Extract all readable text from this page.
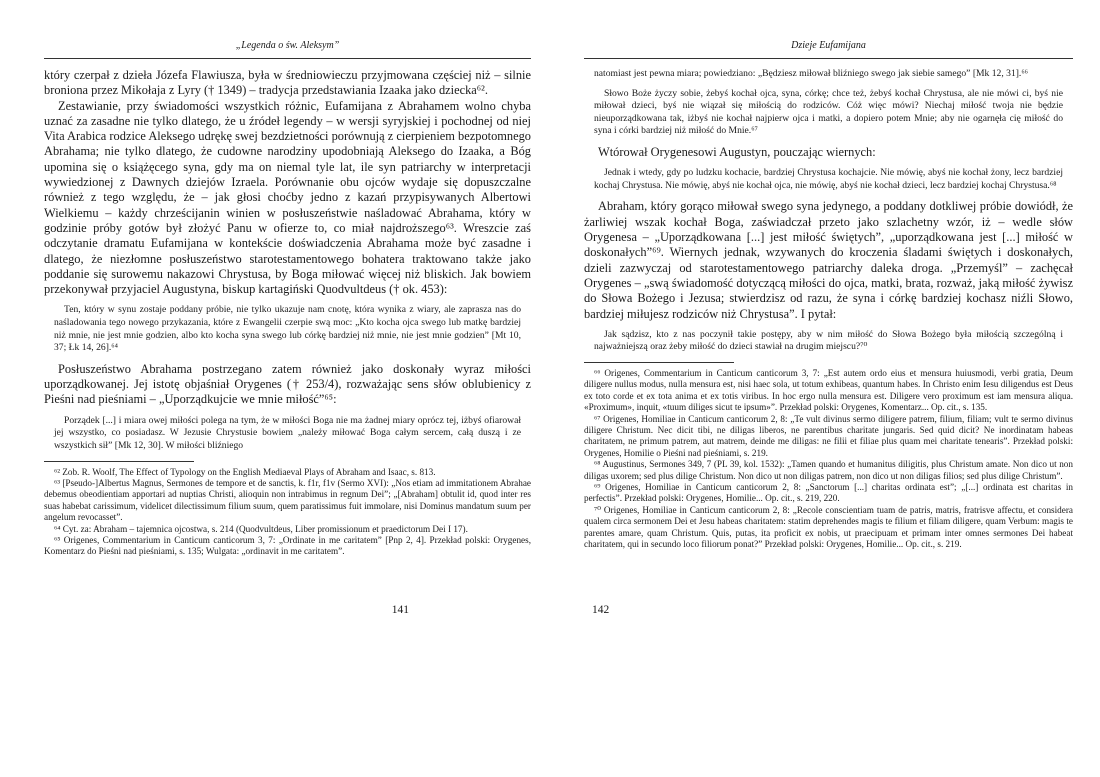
„Legenda o św. Aleksym”

który czerpał z dzieła Józefa Flawiusza, była w średniowieczu przyjmowana częściej niż – silnie broniona przez Mikołaja z Lyry († 1349) – tradycja przedstawiania Izaaka jako dziecka⁶².

Zestawianie, przy świadomości wszystkich różnic, Eufamijana z Abrahamem wolno chyba uznać za zasadne nie tylko dlatego, że u źródeł legendy – w wersji syryjskiej i pochodnej od niej Vita Arabica rodzice Aleksego udrękę swej bezdzietności porównują z cierpieniem bezpotomnego Abrahama; nie tylko dlatego, że cudowne narodziny upodobniają Aleksego do Izaaka, a Bóg upomina się o książęcego syna, gdy ma on niemal tyle lat, ile syn patriarchy w interpretacji wywiedzionej z Dawnych dziejów Izraela. Porównanie obu ojców wydaje się dopuszczalne również z tego względu, że – jak głosi choćby jedno z kazań przypisywanych Albertowi Wielkiemu – każdy chrześcijanin winien w posłuszeństwie naśladować Abrahama, który w godzinie próby gotów był złożyć Panu w ofierze to, co miał najdroższego⁶³. Wreszcie zaś odczytanie dramatu Eufamijana w kontekście doświadczenia Abrahama może być zasadne i dlatego, że niezłomne posłuszeństwo starotestamentowego bohatera traktowano także jako poddanie się surowemu nakazowi Chrystusa, by Boga miłować więcej niż bliskich. Jak bowiem przekonywał przyjaciel Augustyna, biskup kartagiński Quodvultdeus († ok. 453):

Ten, który w synu zostaje poddany próbie, nie tylko ukazuje nam cnotę, która wynika z wiary, ale zaprasza nas do naśladowania tego nowego przykazania, które z Ewangelii czerpie swą moc: „Kto kocha ojca swego lub matkę bardziej niż mnie, nie jest mnie godzien, albo kto kocha syna swego lub córkę bardziej niż mnie, nie jest mnie godzien” [Mt 10, 37; Łk 14, 26].⁶⁴

Posłuszeństwo Abrahama postrzegano zatem również jako doskonały wyraz miłości uporządkowanej. Jej istotę objaśniał Orygenes († 253/4), rozważając sens słów oblubienicy z Pieśni nad pieśniami – „Uporządkujcie we mnie miłość”⁶⁵:

Porządek [...] i miara owej miłości polega na tym, że w miłości Boga nie ma żadnej miary oprócz tej, iżbyś ofiarował jej wszystko, co posiadasz. W Jezusie Chrystusie bowiem „należy miłować Boga całym sercem, całą duszą i ze wszystkich sił” [Mk 12, 30]. W miłości bliźniego

⁶² Zob. R. Woolf, The Effect of Typology on the English Mediaeval Plays of Abraham and Isaac, s. 813.

⁶³ [Pseudo-]Albertus Magnus, Sermones de tempore et de sanctis, k. f1r, f1v (Sermo XVI): „Nos etiam ad immitationem Abrahae debemus obeodientiam apportari ad nuptias Christi, alioquin non intrabimus in regnum Dei”; „[Abraham] obtulit id, quod inter res suas habebat carissimum, videlicet dilectissimum filium suum, quem paratissimus fuit immolare, nisi Dominus mandatum suum per angelum revocasset”.

⁶⁴ Cyt. za: Abraham – tajemnica ojcostwa, s. 214 (Quodvultdeus, Liber promissionum et praedictorum Dei I 17).

⁶⁵ Origenes, Commentarium in Canticum canticorum 3, 7: „Ordinate in me caritatem” [Pnp 2, 4]. Przekład polski: Orygenes, Komentarz do Pieśni nad pieśniami, s. 135; Wulgata: „ordinavit in me caritatem”.

141
Dzieje Eufamijana

natomiast jest pewna miara; powiedziano: „Będziesz miłował bliźniego swego jak siebie samego” [Mk 12, 31].⁶⁶

Słowo Boże życzy sobie, żebyś kochał ojca, syna, córkę; chce też, żebyś kochał Chrystusa, ale nie mówi ci, byś nie miłował dzieci, byś nie wiązał się miłością do rodziców. Cóż więc mówi? Niechaj miłość twoja nie będzie nieuporządkowana tak, iżbyś nie kochał najpierw ojca i matki, a dopiero potem Mnie; aby nie ogarnęła cię miłość do syna i córki bardziej niż miłość do Mnie.⁶⁷

Wtórował Orygenesowi Augustyn, pouczając wiernych:

Jednak i wtedy, gdy po ludzku kochacie, bardziej Chrystusa kochajcie. Nie mówię, abyś nie kochał żony, lecz bardziej kochaj Chrystusa. Nie mówię, abyś nie kochał ojca, nie mówię, abyś nie kochał dzieci, lecz bardziej kochaj Chrystusa.⁶⁸

Abraham, który gorąco miłował swego syna jedynego, a poddany dotkliwej próbie dowiódł, że żarliwiej wszak kochał Boga, zaświadczał przeto jako szlachetny wzór, iż – wedle słów Orygenesa – „Uporządkowana [...] jest miłość świętych”, „uporządkowana jest [...] miłość w doskonałych”⁶⁹. Wiernych jednak, wzywanych do kroczenia śladami świętych i doskonałych, dzieli zazwyczaj od starotestamentowego patriarchy daleka droga. „Przemyśl” – zachęcał Orygenes – „swą świadomość dotyczącą miłości do ojca, matki, brata, rozważ, jaką miłość żywisz do Słowa Bożego i Jezusa; stwierdzisz od razu, że syna i córkę bardziej kochasz niźli Słowo, bardziej miłujesz rodziców niż Chrystusa”. I pytał:

Jak sądzisz, kto z nas poczynił takie postępy, aby w nim miłość do Słowa Bożego była miłością szczególną i najważniejszą oraz żeby miłość do dzieci stawiał na drugim miejscu?⁷⁰

⁶⁶ Origenes, Commentarium in Canticum canticorum 3, 7: „Est autem ordo eius et mensura huiusmodi, verbi gratia, Deum diligere nullus modus, nulla mensura est, nisi haec sola, ut totum exhibeas, quantum habes. In Christo enim Iesu diligendus est Deus ex toto corde et ex tota anima et ex totis viribus. In hoc ergo nulla mensura est. Diligere vero proximum est iam mensura aliqua. «Proximum», inquit, «tuum diliges sicut te ipsum»”. Przekład polski: Orygenes, Komentarz... Op. cit., s. 135.

⁶⁷ Origenes, Homiliae in Canticum canticorum 2, 8: „Te vult divinus sermo diligere patrem, filium, filiam; vult te sermo divinus diligere Christum. Nec dicit tibi, ne diligas liberos, ne parentibus charitate jungaris. Sed quid dicit? Ne inordinatam habeas charitatem, ne primum patrem, aut matrem, deinde me diligas: ne filii et filiae plus quam mei charitate tenearis”. Przekład polski: Orygenes, Homilie o Pieśni nad pieśniami, s. 219.

⁶⁸ Augustinus, Sermones 349, 7 (PL 39, kol. 1532): „Tamen quando et humanitus diligitis, plus Christum amate. Non dico ut non diligas uxorem; sed plus dilige Christum. Non dico ut non diligas patrem, non dico ut non diligas filios; sed plus dilige Christum”.

⁶⁹ Origenes, Homiliae in Canticum canticorum 2, 8: „Sanctorum [...] charitas ordinata est”; „[...] ordinata est charitas in perfectis”. Przekład polski: Orygenes, Homilie... Op. cit., s. 219, 220.

⁷⁰ Origenes, Homiliae in Canticum canticorum 2, 8: „Recole conscientiam tuam de patris, matris, fratrisve affectu, et considera qualem circa sermonem Dei et Jesu habeas charitatem: statim deprehendes magis te filium et filiam diligere, quam Verbum: magis te parentes amare, quam Christum. Quis, putas, ita proficit ex nobis, ut praecipuam et primam inter omnes sermones Dei habeat charitatem, qui in secundo loco filiorum ponat?” Przekład polski: Orygenes, Homilie... Op. cit., s. 219.

142
